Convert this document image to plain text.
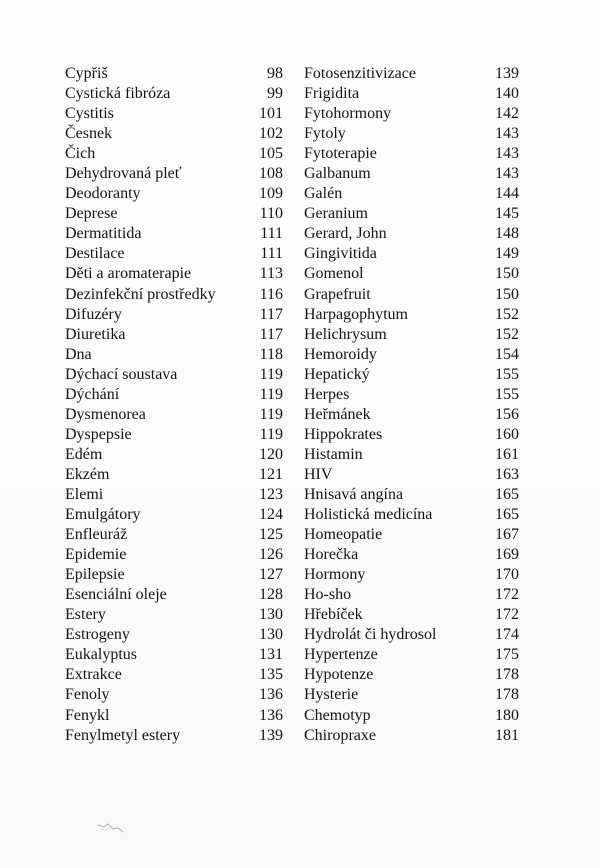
Cypřiš	98
Cystická fibróza	99
Cystitis	101
Česnek	102
Čich	105
Dehydrovaná pleť	108
Deodoranty	109
Deprese	110
Dermatitida	111
Destilace	111
Děti a aromaterapie	113
Dezinfekční prostředky	116
Difuzéry	117
Diuretika	117
Dna	118
Dýchací soustava	119
Dýchání	119
Dysmenorea	119
Dyspepsie	119
Edém	120
Ekzém	121
Elemi	123
Emulgátory	124
Enfleuráž	125
Epidemie	126
Epilepsie	127
Esenciální oleje	128
Estery	130
Estrogeny	130
Eukalyptus	131
Extrakce	135
Fenoly	136
Fenykl	136
Fenylmetyl estery	139
Fotosenzitivizace	139
Frigidita	140
Fytohormony	142
Fytoly	143
Fytoterapie	143
Galbanum	143
Galén	144
Geranium	145
Gerard, John	148
Gingivitida	149
Gomenol	150
Grapefruit	150
Harpagophytum	152
Helichrysum	152
Hemoroidy	154
Hepatický	155
Herpes	155
Heřmánek	156
Hippokrates	160
Histamin	161
HIV	163
Hnisavá angína	165
Holistická medicína	165
Homeopatie	167
Horečka	169
Hormony	170
Ho-sho	172
Hřebíček	172
Hydrolát či hydrosol	174
Hypertenze	175
Hypotenze	178
Hysterie	178
Chemotyp	180
Chiropraxe	181
